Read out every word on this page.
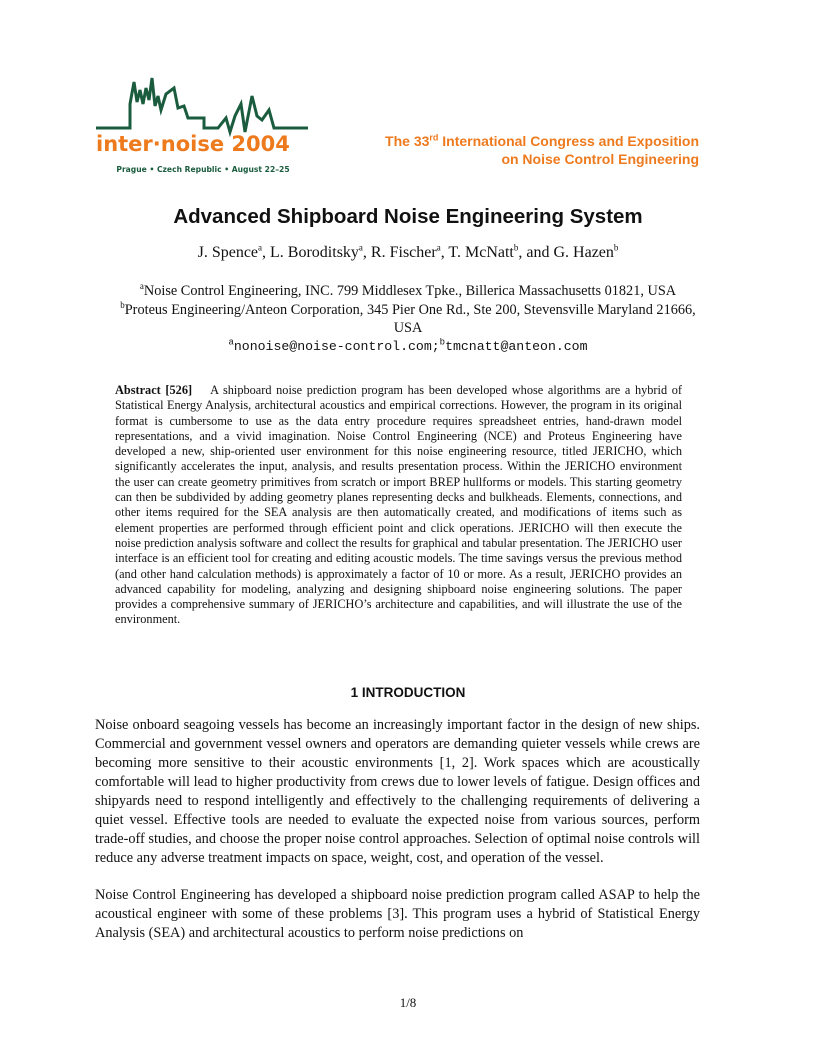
inter·noise 2004
Prague • Czech Republic • August 22–25
The 33rd International Congress and Exposition
on Noise Control Engineering
Advanced Shipboard Noise Engineering System
J. Spence$^a$, L. Boroditsky$^a$, R. Fischer$^a$, T. McNatt$^b$, and G. Hazen$^b$
$^a$Noise Control Engineering, INC. 799 Middlesex Tpke., Billerica Massachusetts 01821, USA
$^b$Proteus Engineering/Anteon Corporation, 345 Pier One Rd., Ste 200, Stevensville Maryland 21666, USA
$^a$nonoise@noise-control.com;$^b$tmcnatt@anteon.com
Abstract [526] A shipboard noise prediction program has been developed whose algorithms are a hybrid of Statistical Energy Analysis, architectural acoustics and empirical corrections. However, the program in its original format is cumbersome to use as the data entry procedure requires spreadsheet entries, hand-drawn model representations, and a vivid imagination. Noise Control Engineering (NCE) and Proteus Engineering have developed a new, ship-oriented user environment for this noise engineering resource, titled JERICHO, which significantly accelerates the input, analysis, and results presentation process. Within the JERICHO environment the user can create geometry primitives from scratch or import BREP hullforms or models. This starting geometry can then be subdivided by adding geometry planes representing decks and bulkheads. Elements, connections, and other items required for the SEA analysis are then automatically created, and modifications of items such as element properties are performed through efficient point and click operations. JERICHO will then execute the noise prediction analysis software and collect the results for graphical and tabular presentation. The JERICHO user interface is an efficient tool for creating and editing acoustic models. The time savings versus the previous method (and other hand calculation methods) is approximately a factor of 10 or more. As a result, JERICHO provides an advanced capability for modeling, analyzing and designing shipboard noise engineering solutions. The paper provides a comprehensive summary of JERICHO’s architecture and capabilities, and will illustrate the use of the environment.
1 INTRODUCTION
Noise onboard seagoing vessels has become an increasingly important factor in the design of new ships. Commercial and government vessel owners and operators are demanding quieter vessels while crews are becoming more sensitive to their acoustic environments [1, 2]. Work spaces which are acoustically comfortable will lead to higher productivity from crews due to lower levels of fatigue. Design offices and shipyards need to respond intelligently and effectively to the challenging requirements of delivering a quiet vessel. Effective tools are needed to evaluate the expected noise from various sources, perform trade-off studies, and choose the proper noise control approaches. Selection of optimal noise controls will reduce any adverse treatment impacts on space, weight, cost, and operation of the vessel.
Noise Control Engineering has developed a shipboard noise prediction program called ASAP to help the acoustical engineer with some of these problems [3]. This program uses a hybrid of Statistical Energy Analysis (SEA) and architectural acoustics to perform noise predictions on
1/8
